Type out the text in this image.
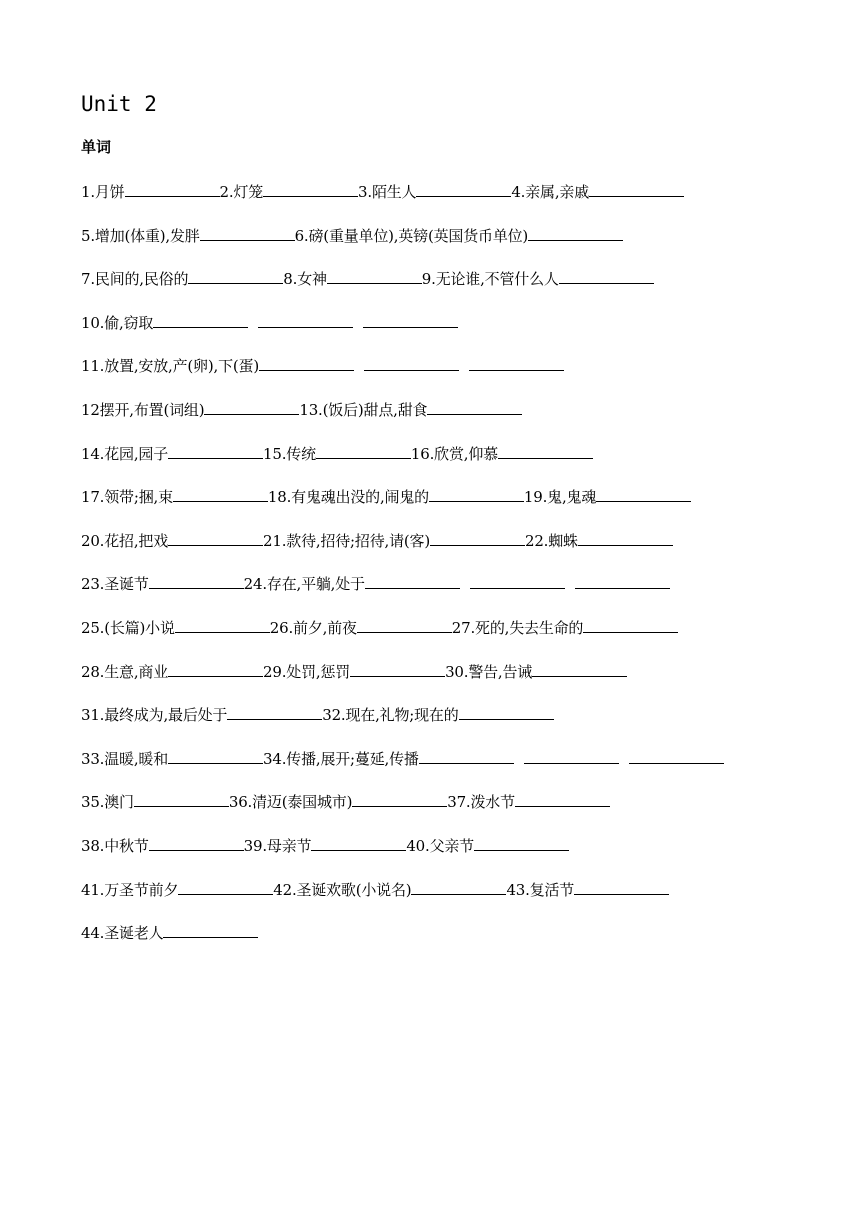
Unit 2
单词
1.月饼	2.灯笼	3.陌生人	4.亲属,亲戚
5.增加(体重),发胖	6.磅(重量单位),英镑(英国货币单位)
7.民间的,民俗的	8.女神	9.无论谁,不管什么人
10.偷,窃取
11.放置,安放,产(卵),下(蛋)
12摆开,布置(词组)	13.(饭后)甜点,甜食
14.花园,园子	15.传统	16.欣赏,仰慕
17.领带;捆,束	18.有鬼魂出没的,闹鬼的	19.鬼,鬼魂
20.花招,把戏	21.款待,招待;招待,请(客)	22.蜘蛛
23.圣诞节	24.存在,平躺,处于
25.(长篇)小说	26.前夕,前夜	27.死的,失去生命的
28.生意,商业	29.处罚,惩罚	30.警告,告诫
31.最终成为,最后处于	32.现在,礼物;现在的
33.温暖,暖和	34.传播,展开;蔓延,传播
35.澳门	36.清迈(泰国城市)	37.泼水节
38.中秋节	39.母亲节	40.父亲节
41.万圣节前夕	42.圣诞欢歌(小说名)	43.复活节
44.圣诞老人
